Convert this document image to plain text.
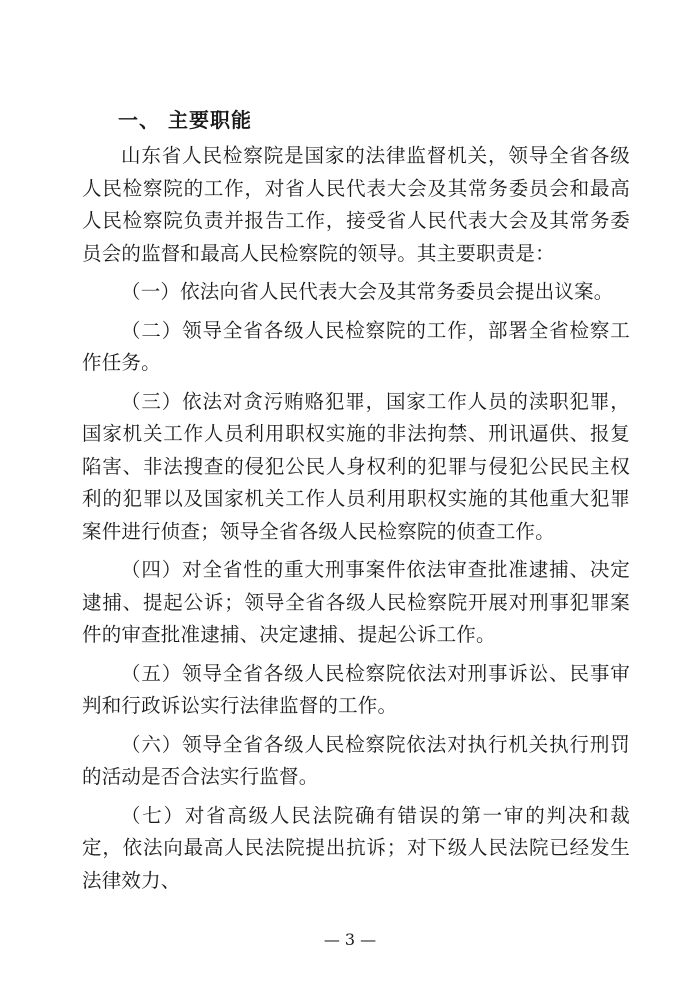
一、 主要职能

山东省人民检察院是国家的法律监督机关，领导全省各级人民检察院的工作，对省人民代表大会及其常务委员会和最高人民检察院负责并报告工作，接受省人民代表大会及其常务委员会的监督和最高人民检察院的领导。其主要职责是：

（一）依法向省人民代表大会及其常务委员会提出议案。

（二）领导全省各级人民检察院的工作，部署全省检察工作任务。

（三）依法对贪污贿赂犯罪，国家工作人员的渎职犯罪，国家机关工作人员利用职权实施的非法拘禁、刑讯逼供、报复陷害、非法搜查的侵犯公民人身权利的犯罪与侵犯公民民主权利的犯罪以及国家机关工作人员利用职权实施的其他重大犯罪案件进行侦查；领导全省各级人民检察院的侦查工作。

（四）对全省性的重大刑事案件依法审查批准逮捕、决定逮捕、提起公诉；领导全省各级人民检察院开展对刑事犯罪案件的审查批准逮捕、决定逮捕、提起公诉工作。

（五）领导全省各级人民检察院依法对刑事诉讼、民事审判和行政诉讼实行法律监督的工作。

（六）领导全省各级人民检察院依法对执行机关执行刑罚的活动是否合法实行监督。

（七）对省高级人民法院确有错误的第一审的判决和裁定，依法向最高人民法院提出抗诉；对下级人民法院已经发生法律效力、

— 3 —
